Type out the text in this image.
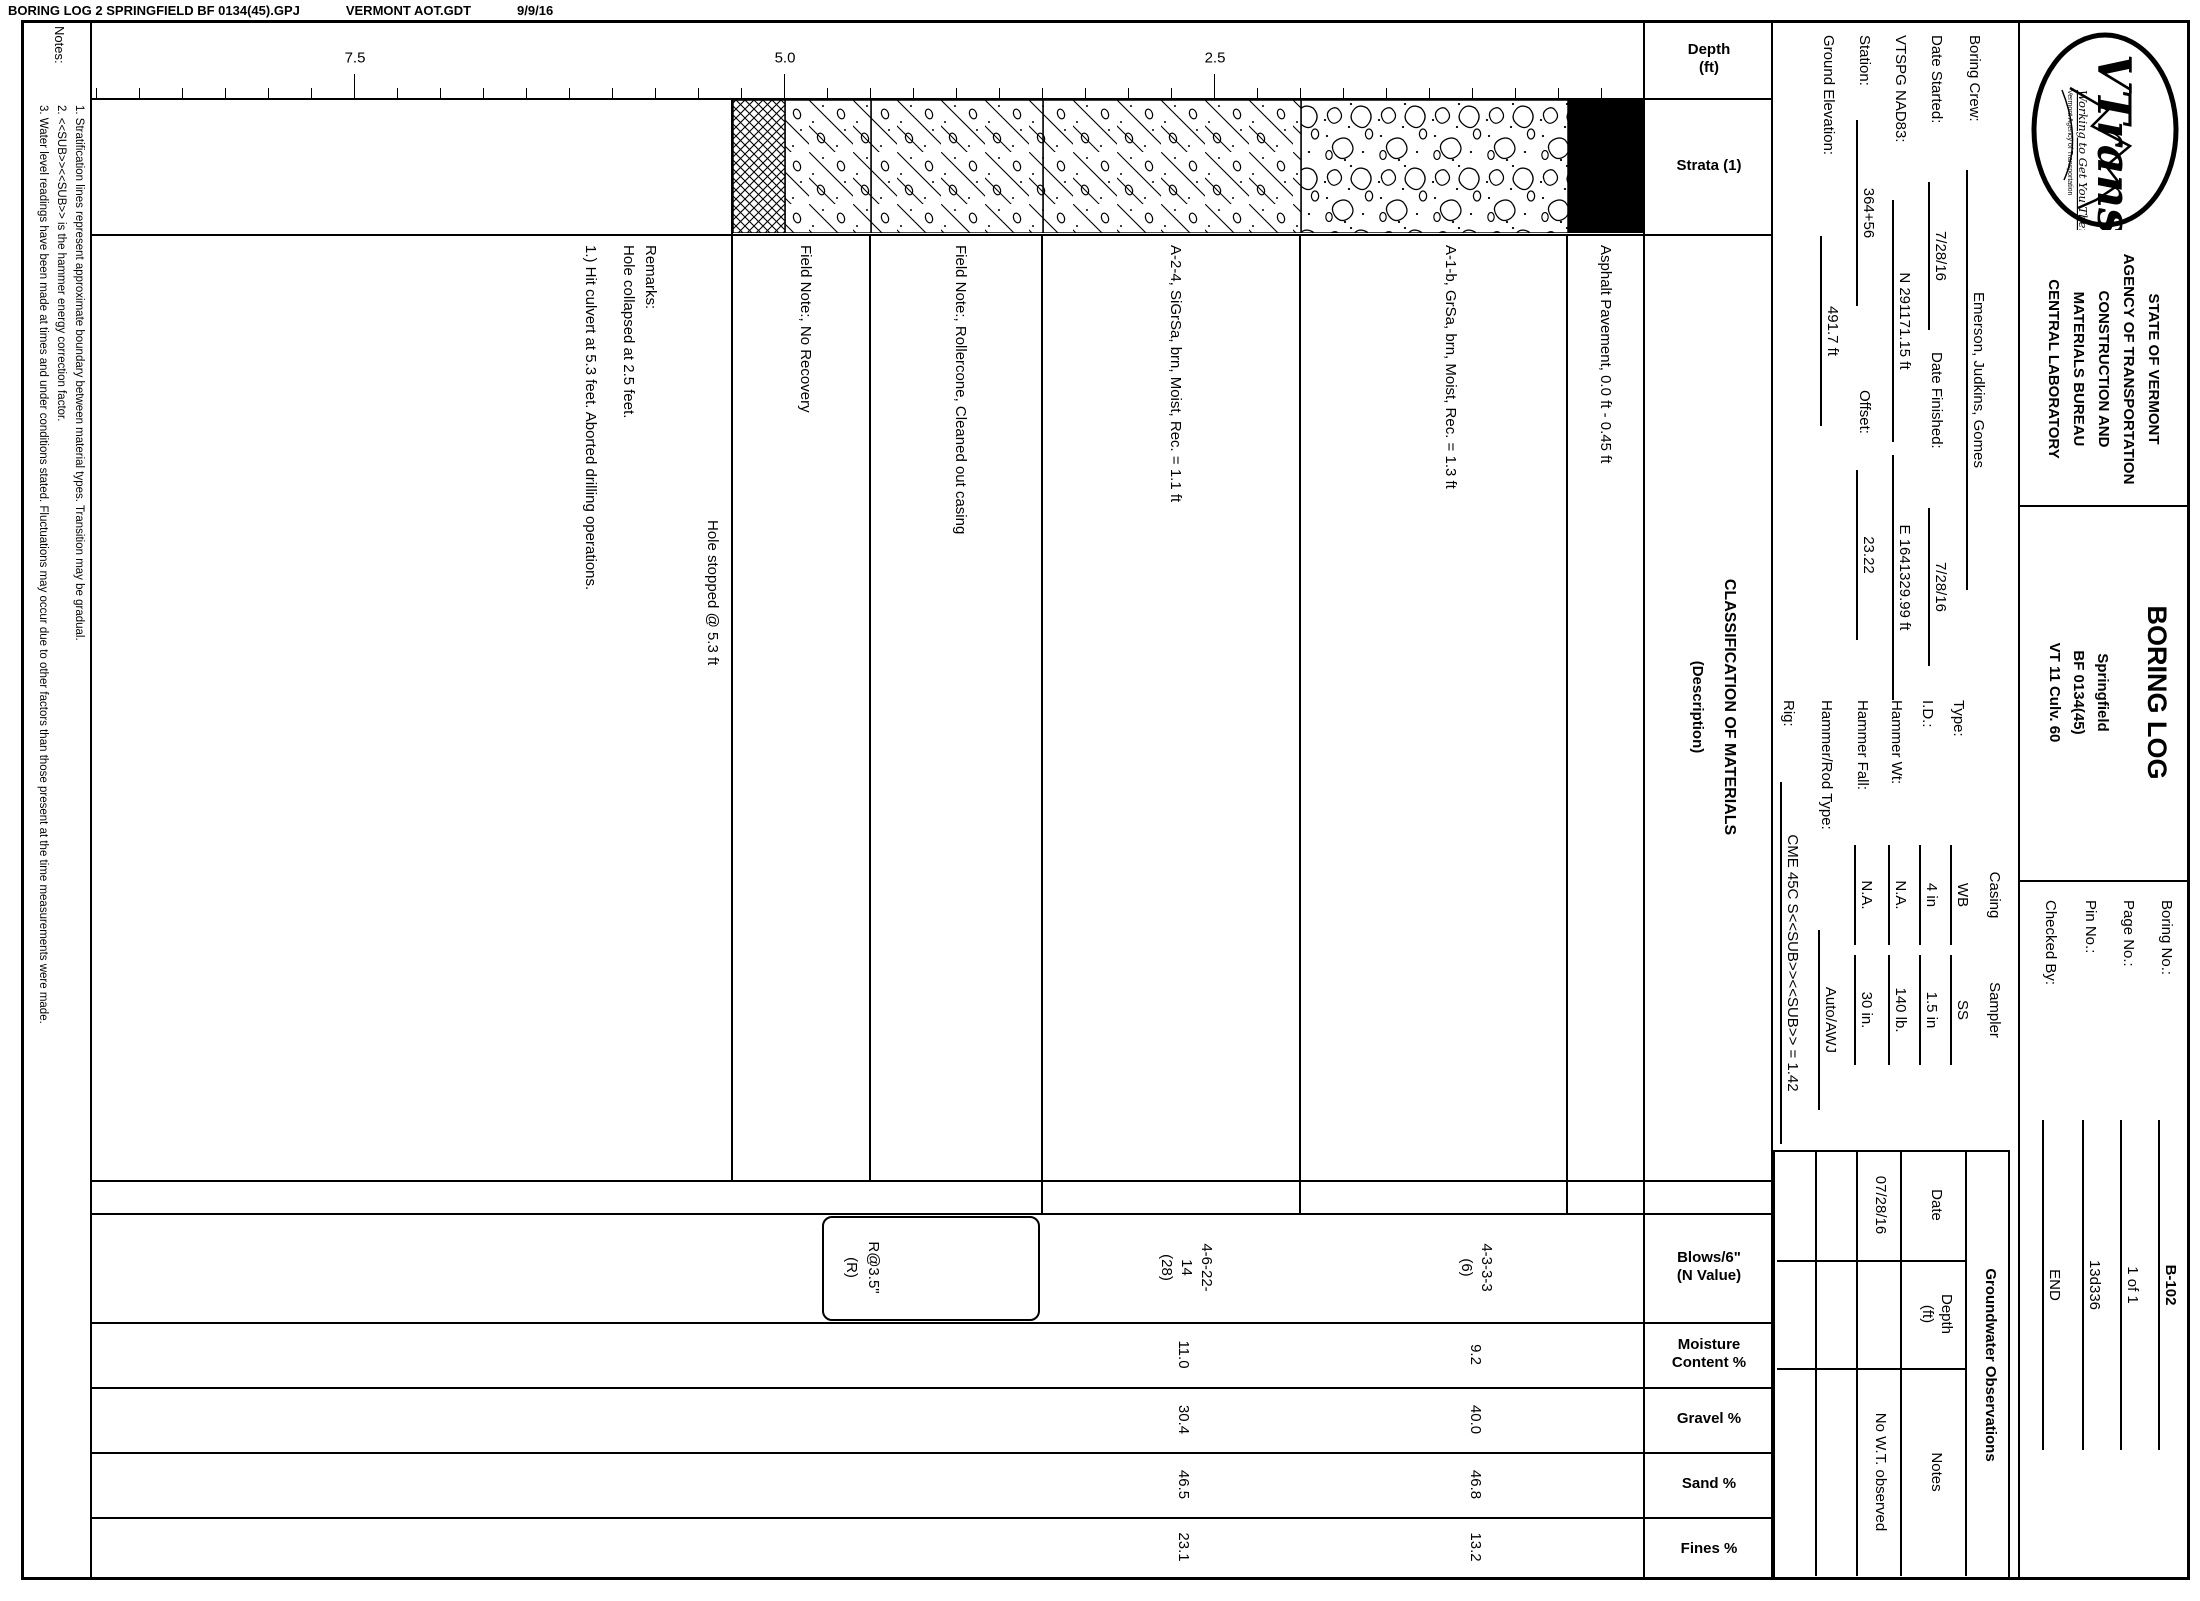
BORING LOG 2 SPRINGFIELD BF 0134(45).GPJ	VERMONT AOT.GDT	9/9/16
VTrans
Working to Get You There
Vermont Agency of Transportation
STATE OF VERMONT
AGENCY OF TRANSPORTATION
CONSTRUCTION AND
MATERIALS BUREAU
CENTRAL LABORATORY
BORING LOG
Springfield
BF 0134(45)
VT 11 Culv. 60
Boring No.:
B-102
Page No.:
1 of 1
Pin No.:
13d336
Checked By:
END
Boring Crew:
Emerson, Judkins, Gomes
Date Started:
7/28/16
Date Finished:
7/28/16
VTSPG NAD83:
N 291171.15 ft
E 1641329.99 ft
Station:
364+56
Offset:
23.22
Ground Elevation:
491.7 ft
Casing
Sampler
Type:
WB
SS
I.D.:
4 in
1.5 in
Hammer Wt:
N.A.
140 lb.
Hammer Fall:
N.A.
30 in.
Hammer/Rod Type:
Auto/AWJ
Rig:
CME 45C S<<SUB>><<SUB>> = 1.42
Groundwater Observations
Date
Depth
(ft)
Notes
07/28/16
No W.T. observed
Depth
(ft)
Strata (1)
CLASSIFICATION OF MATERIALS
(Description)
Blows/6"
(N Value)
Moisture
Content %
Gravel %
Sand %
Fines %
2.5
5.0
7.5
Asphalt Pavement, 0.0 ft - 0.45 ft
A-1-b, GrSa, brn, Moist, Rec. = 1.3 ft
A-2-4, SiGrSa, brn, Moist, Rec. = 1.1 ft
Field Note:, Rollercone, Cleaned out casing
Field Note:, No Recovery
Hole stopped @ 5.3 ft
Remarks:
Hole collapsed at 2.5 feet.
1.) Hit culvert at 5.3 feet. Aborted drilling operations.
4-3-3-3
(6)
9.2
40.0
46.8
13.2
4-6-22-
14
(28)
11.0
30.4
46.5
23.1
R@3.5"
(R)
Notes:
1. Stratification lines represent approximate boundary between material types. Transition may be gradual.
2. <<SUB>><<SUB>> is the hammer energy correction factor.
3. Water level readings have been made at times and under conditions stated. Fluctuations may occur due to other factors than those present at the time measurements were made.
